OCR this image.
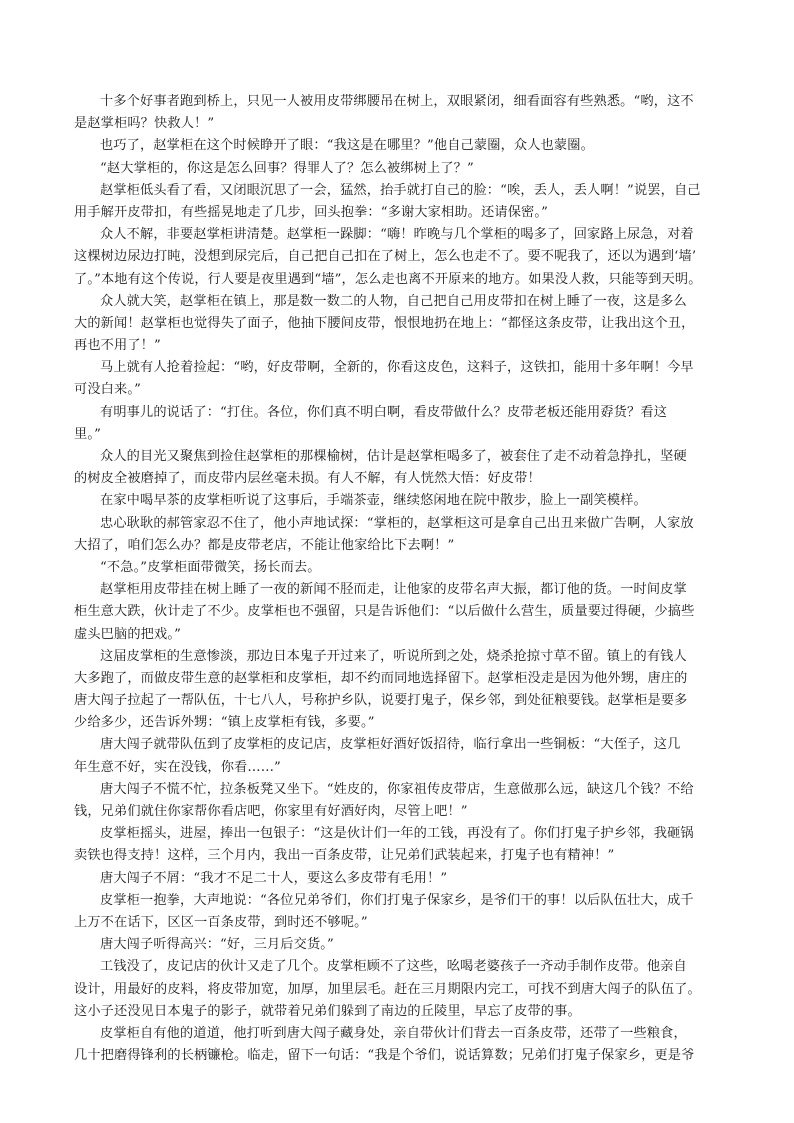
十多个好事者跑到桥上，只见一人被用皮带绑腰吊在树上，双眼紧闭，细看面容有些熟悉。“哟，这不
是赵掌柜吗？快救人！”
也巧了，赵掌柜在这个时候睁开了眼：“我这是在哪里？”他自己蒙圈，众人也蒙圈。
“赵大掌柜的，你这是怎么回事？得罪人了？怎么被绑树上了？”
赵掌柜低头看了看，又闭眼沉思了一会，猛然，抬手就打自己的脸：“唉，丢人，丢人啊！”说罢，自己
用手解开皮带扣，有些摇晃地走了几步，回头抱拳：“多谢大家相助。还请保密。”
众人不解，非要赵掌柜讲清楚。赵掌柜一跺脚：“嗨！昨晚与几个掌柜的喝多了，回家路上尿急，对着
这棵树边尿边打盹，没想到尿完后，自己把自己扣在了树上，怎么也走不了。要不呢我了，还以为遇到‘墙’
了。”本地有这个传说，行人要是夜里遇到“墙”，怎么走也离不开原来的地方。如果没人救，只能等到天明。
众人就大笑，赵掌柜在镇上，那是数一数二的人物，自己把自己用皮带扣在树上睡了一夜，这是多么
大的新闻！赵掌柜也觉得失了面子，他抽下腰间皮带，恨恨地扔在地上：“都怪这条皮带，让我出这个丑，
再也不用了！”
马上就有人抢着捡起：“哟，好皮带啊，全新的，你看这皮色，这料子，这铁扣，能用十多年啊！今早
可没白来。”
有明事儿的说话了：“打住。各位，你们真不明白啊，看皮带做什么？皮带老板还能用孬货？看这
里。”
众人的目光又聚焦到捡住赵掌柜的那棵榆树，估计是赵掌柜喝多了，被套住了走不动着急挣扎，坚硬
的树皮全被磨掉了，而皮带内层丝毫未损。有人不解，有人恍然大悟：好皮带！
在家中喝早茶的皮掌柜听说了这事后，手端茶壶，继续悠闲地在院中散步，脸上一副笑模样。
忠心耿耿的郝管家忍不住了，他小声地试探：“掌柜的，赵掌柜这可是拿自己出丑来做广告啊，人家放
大招了，咱们怎么办？都是皮带老店，不能让他家给比下去啊！”
“不急。”皮掌柜面带微笑，扬长而去。
赵掌柜用皮带挂在树上睡了一夜的新闻不胫而走，让他家的皮带名声大振，都订他的货。一时间皮掌
柜生意大跌，伙计走了不少。皮掌柜也不强留，只是告诉他们：“以后做什么营生，质量要过得硬，少搞些
虚头巴脑的把戏。”
这届皮掌柜的生意惨淡，那边日本鬼子开过来了，听说所到之处，烧杀抢掠寸草不留。镇上的有钱人
大多跑了，而做皮带生意的赵掌柜和皮掌柜，却不约而同地选择留下。赵掌柜没走是因为他外甥，唐庄的
唐大闯子拉起了一帮队伍，十七八人，号称护乡队，说要打鬼子，保乡邻，到处征粮要钱。赵掌柜是要多
少给多少，还告诉外甥：“镇上皮掌柜有钱，多要。”
唐大闯子就带队伍到了皮掌柜的皮记店，皮掌柜好酒好饭招待，临行拿出一些铜板：“大侄子，这几
年生意不好，实在没钱，你看……”
唐大闯子不慌不忙，拉条板凳又坐下。“姓皮的，你家祖传皮带店，生意做那么远，缺这几个钱？不给
钱，兄弟们就住你家帮你看店吧，你家里有好酒好肉，尽管上吧！”
皮掌柜摇头，进屋，捧出一包银子：“这是伙计们一年的工钱，再没有了。你们打鬼子护乡邻，我砸锅
卖铁也得支持！这样，三个月内，我出一百条皮带，让兄弟们武装起来，打鬼子也有精神！”
唐大闯子不屑：“我才不足二十人，要这么多皮带有毛用！”
皮掌柜一抱拳，大声地说：“各位兄弟爷们，你们打鬼子保家乡，是爷们干的事！以后队伍壮大，成千
上万不在话下，区区一百条皮带，到时还不够呢。”
唐大闯子听得高兴：“好，三月后交货。”
工钱没了，皮记店的伙计又走了几个。皮掌柜顾不了这些，吆喝老婆孩子一齐动手制作皮带。他亲自
设计，用最好的皮料，将皮带加宽，加厚，加里层毛。赶在三月期限内完工，可找不到唐大闯子的队伍了。
这小子还没见日本鬼子的影子，就带着兄弟们躲到了南边的丘陵里，早忘了皮带的事。
皮掌柜自有他的道道，他打听到唐大闯子藏身处，亲自带伙计们背去一百条皮带，还带了一些粮食，
几十把磨得锋利的长柄镰枪。临走，留下一句话：“我是个爷们，说话算数；兄弟们打鬼子保家乡，更是爷
